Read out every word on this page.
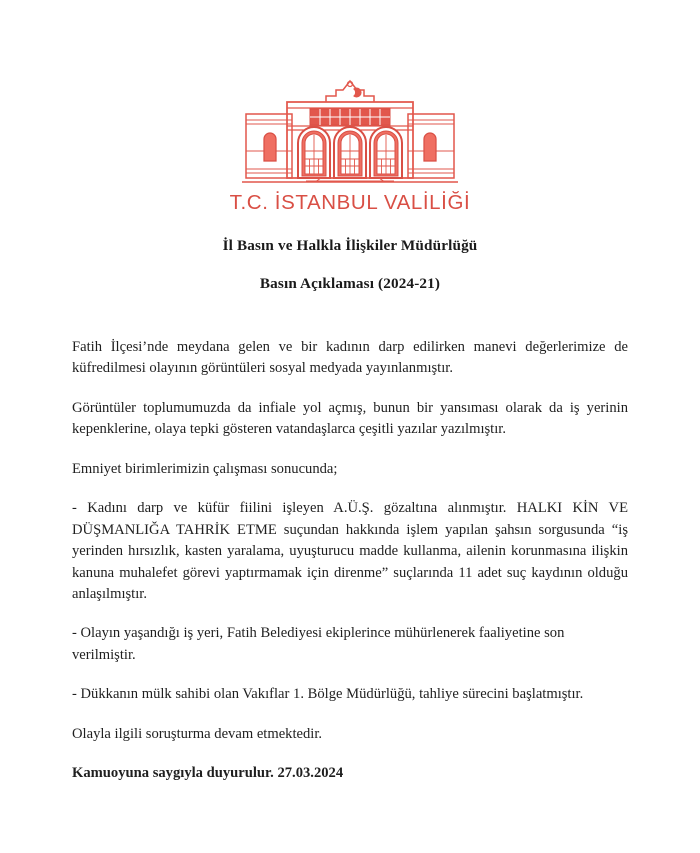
T.C. İSTANBUL VALİLİĞİ
İl Basın ve Halkla İlişkiler Müdürlüğü
Basın Açıklaması (2024-21)

Fatih İlçesi’nde meydana gelen ve bir kadının darp edilirken manevi değerlerimize de küfredilmesi olayının görüntüleri sosyal medyada yayınlanmıştır.

Görüntüler toplumumuzda da infiale yol açmış, bunun bir yansıması olarak da iş yerinin kepenklerine, olaya tepki gösteren vatandaşlarca çeşitli yazılar yazılmıştır.

Emniyet birimlerimizin çalışması sonucunda;

- Kadını darp ve küfür fiilini işleyen A.Ü.Ş. gözaltına alınmıştır. HALKI KİN VE DÜŞMANLIĞA TAHRİK ETME suçundan hakkında işlem yapılan şahsın sorgusunda “iş yerinden hırsızlık, kasten yaralama, uyuşturucu madde kullanma, ailenin korunmasına ilişkin kanuna muhalefet görevi yaptırmamak için direnme” suçlarında 11 adet suç kaydının olduğu anlaşılmıştır.

- Olayın yaşandığı iş yeri, Fatih Belediyesi ekiplerince mühürlenerek faaliyetine son verilmiştir.

- Dükkanın mülk sahibi olan Vakıflar 1. Bölge Müdürlüğü, tahliye sürecini başlatmıştır.

Olayla ilgili soruşturma devam etmektedir.

Kamuoyuna saygıyla duyurulur. 27.03.2024
